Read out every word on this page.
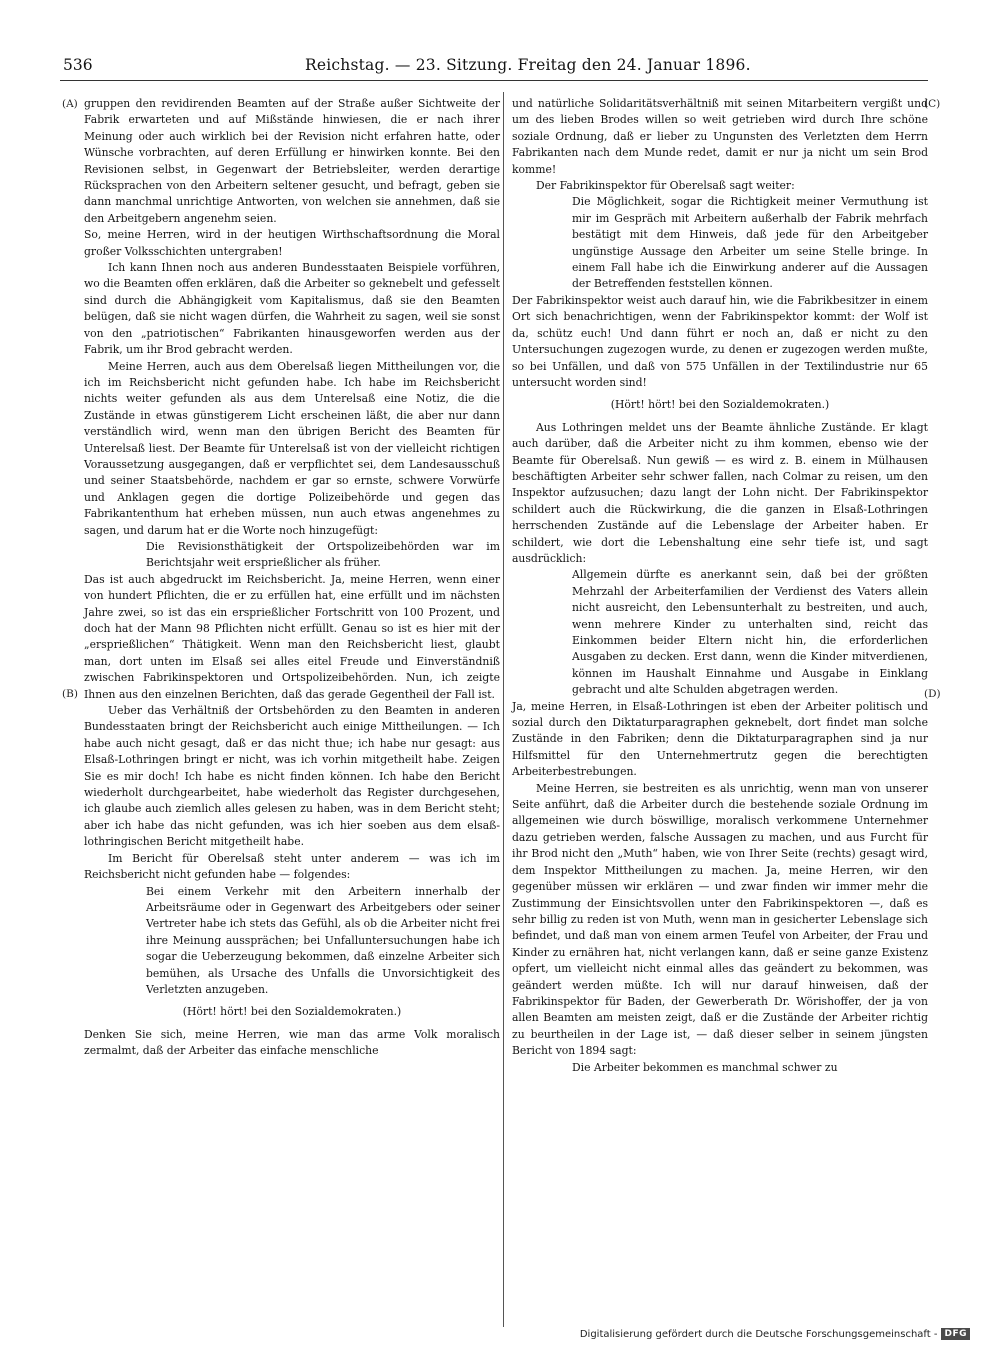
536	Reichstag. — 23. Sitzung. Freitag den 24. Januar 1896.
(A)
(B)
(C)
(D)

gruppen den revidirenden Beamten auf der Straße außer Sichtweite der Fabrik erwarteten und auf Mißstände hinwiesen, die er nach ihrer Meinung oder auch wirklich bei der Revision nicht erfahren hatte, oder Wünsche vorbrachten, auf deren Erfüllung er hinwirken konnte. Bei den Revisionen selbst, in Gegenwart der Betriebsleiter, werden derartige Rücksprachen von den Arbeitern seltener gesucht, und befragt, geben sie dann manchmal unrichtige Antworten, von welchen sie annehmen, daß sie den Arbeitgebern angenehm seien.

So, meine Herren, wird in der heutigen Wirthschaftsordnung die Moral großer Volksschichten untergraben!

Ich kann Ihnen noch aus anderen Bundesstaaten Beispiele vorführen, wo die Beamten offen erklären, daß die Arbeiter so geknebelt und gefesselt sind durch die Abhängigkeit vom Kapitalismus, daß sie den Beamten belügen, daß sie nicht wagen dürfen, die Wahrheit zu sagen, weil sie sonst von den „patriotischen“ Fabrikanten hinausgeworfen werden aus der Fabrik, um ihr Brod gebracht werden.

Meine Herren, auch aus dem Oberelsaß liegen Mittheilungen vor, die ich im Reichsbericht nicht gefunden habe. Ich habe im Reichsbericht nichts weiter gefunden als aus dem Unterelsaß eine Notiz, die die Zustände in etwas günstigerem Licht erscheinen läßt, die aber nur dann verständlich wird, wenn man den übrigen Bericht des Beamten für Unterelsaß liest. Der Beamte für Unterelsaß ist von der vielleicht richtigen Voraussetzung ausgegangen, daß er verpflichtet sei, dem Landesausschuß und seiner Staatsbehörde, nachdem er gar so ernste, schwere Vorwürfe und Anklagen gegen die dortige Polizeibehörde und gegen das Fabrikantenthum hat erheben müssen, nun auch etwas angenehmes zu sagen, und darum hat er die Worte noch hinzugefügt:

Die Revisionsthätigkeit der Ortspolizeibehörden war im Berichtsjahr weit ersprießlicher als früher.

Das ist auch abgedruckt im Reichsbericht. Ja, meine Herren, wenn einer von hundert Pflichten, die er zu erfüllen hat, eine erfüllt und im nächsten Jahre zwei, so ist das ein ersprießlicher Fortschritt von 100 Prozent, und doch hat der Mann 98 Pflichten nicht erfüllt. Genau so ist es hier mit der „ersprießlichen“ Thätigkeit. Wenn man den Reichsbericht liest, glaubt man, dort unten im Elsaß sei alles eitel Freude und Einverständniß zwischen Fabrikinspektoren und Ortspolizeibehörden. Nun, ich zeigte Ihnen aus den einzelnen Berichten, daß das gerade Gegentheil der Fall ist.

Ueber das Verhältniß der Ortsbehörden zu den Beamten in anderen Bundesstaaten bringt der Reichsbericht auch einige Mittheilungen. — Ich habe auch nicht gesagt, daß er das nicht thue; ich habe nur gesagt: aus Elsaß-Lothringen bringt er nicht, was ich vorhin mitgetheilt habe. Zeigen Sie es mir doch! Ich habe es nicht finden können. Ich habe den Bericht wiederholt durchgearbeitet, habe wiederholt das Register durchgesehen, ich glaube auch ziemlich alles gelesen zu haben, was in dem Bericht steht; aber ich habe das nicht gefunden, was ich hier soeben aus dem elsaß-lothringischen Bericht mitgetheilt habe.

Im Bericht für Oberelsaß steht unter anderem — was ich im Reichsbericht nicht gefunden habe — folgendes:

Bei einem Verkehr mit den Arbeitern innerhalb der Arbeitsräume oder in Gegenwart des Arbeitgebers oder seiner Vertreter habe ich stets das Gefühl, als ob die Arbeiter nicht frei ihre Meinung aussprächen; bei Unfalluntersuchungen habe ich sogar die Ueberzeugung bekommen, daß einzelne Arbeiter sich bemühen, als Ursache des Unfalls die Unvorsichtigkeit des Verletzten anzugeben.

(Hört! hört! bei den Sozialdemokraten.)

Denken Sie sich, meine Herren, wie man das arme Volk moralisch zermalmt, daß der Arbeiter das einfache menschliche

und natürliche Solidaritätsverhältniß mit seinen Mitarbeitern vergißt und um des lieben Brodes willen so weit getrieben wird durch Ihre schöne soziale Ordnung, daß er lieber zu Ungunsten des Verletzten dem Herrn Fabrikanten nach dem Munde redet, damit er nur ja nicht um sein Brod komme!

Der Fabrikinspektor für Oberelsaß sagt weiter:

Die Möglichkeit, sogar die Richtigkeit meiner Vermuthung ist mir im Gespräch mit Arbeitern außerhalb der Fabrik mehrfach bestätigt mit dem Hinweis, daß jede für den Arbeitgeber ungünstige Aussage den Arbeiter um seine Stelle bringe. In einem Fall habe ich die Einwirkung anderer auf die Aussagen der Betreffenden feststellen können.

Der Fabrikinspektor weist auch darauf hin, wie die Fabrikbesitzer in einem Ort sich benachrichtigen, wenn der Fabrikinspektor kommt: der Wolf ist da, schütz euch! Und dann führt er noch an, daß er nicht zu den Untersuchungen zugezogen wurde, zu denen er zugezogen werden mußte, so bei Unfällen, und daß von 575 Unfällen in der Textilindustrie nur 65 untersucht worden sind!

(Hört! hört! bei den Sozialdemokraten.)

Aus Lothringen meldet uns der Beamte ähnliche Zustände. Er klagt auch darüber, daß die Arbeiter nicht zu ihm kommen, ebenso wie der Beamte für Oberelsaß. Nun gewiß — es wird z. B. einem in Mülhausen beschäftigten Arbeiter sehr schwer fallen, nach Colmar zu reisen, um den Inspektor aufzusuchen; dazu langt der Lohn nicht. Der Fabrikinspektor schildert auch die Rückwirkung, die die ganzen in Elsaß-Lothringen herrschenden Zustände auf die Lebenslage der Arbeiter haben. Er schildert, wie dort die Lebenshaltung eine sehr tiefe ist, und sagt ausdrücklich:

Allgemein dürfte es anerkannt sein, daß bei der größten Mehrzahl der Arbeiterfamilien der Verdienst des Vaters allein nicht ausreicht, den Lebensunterhalt zu bestreiten, und auch, wenn mehrere Kinder zu unterhalten sind, reicht das Einkommen beider Eltern nicht hin, die erforderlichen Ausgaben zu decken. Erst dann, wenn die Kinder mitverdienen, können im Haushalt Einnahme und Ausgabe in Einklang gebracht und alte Schulden abgetragen werden.

Ja, meine Herren, in Elsaß-Lothringen ist eben der Arbeiter politisch und sozial durch den Diktaturparagraphen geknebelt, dort findet man solche Zustände in den Fabriken; denn die Diktaturparagraphen sind ja nur Hilfsmittel für den Unternehmertrutz gegen die berechtigten Arbeiterbestrebungen.

Meine Herren, sie bestreiten es als unrichtig, wenn man von unserer Seite anführt, daß die Arbeiter durch die bestehende soziale Ordnung im allgemeinen wie durch böswillige, moralisch verkommene Unternehmer dazu getrieben werden, falsche Aussagen zu machen, und aus Furcht für ihr Brod nicht den „Muth“ haben, wie von Ihrer Seite (rechts) gesagt wird, dem Inspektor Mittheilungen zu machen. Ja, meine Herren, wir den gegenüber müssen wir erklären — und zwar finden wir immer mehr die Zustimmung der Einsichtsvollen unter den Fabrikinspektoren —, daß es sehr billig zu reden ist von Muth, wenn man in gesicherter Lebenslage sich befindet, und daß man von einem armen Teufel von Arbeiter, der Frau und Kinder zu ernähren hat, nicht verlangen kann, daß er seine ganze Existenz opfert, um vielleicht nicht einmal alles das geändert zu bekommen, was geändert werden müßte. Ich will nur darauf hinweisen, daß der Fabrikinspektor für Baden, der Gewerberath Dr. Wörishoffer, der ja von allen Beamten am meisten zeigt, daß er die Zustände der Arbeiter richtig zu beurtheilen in der Lage ist, — daß dieser selber in seinem jüngsten Bericht von 1894 sagt:

Die Arbeiter bekommen es manchmal schwer zu

Digitalisierung gefördert durch die Deutsche Forschungsgemeinschaft - DFG
